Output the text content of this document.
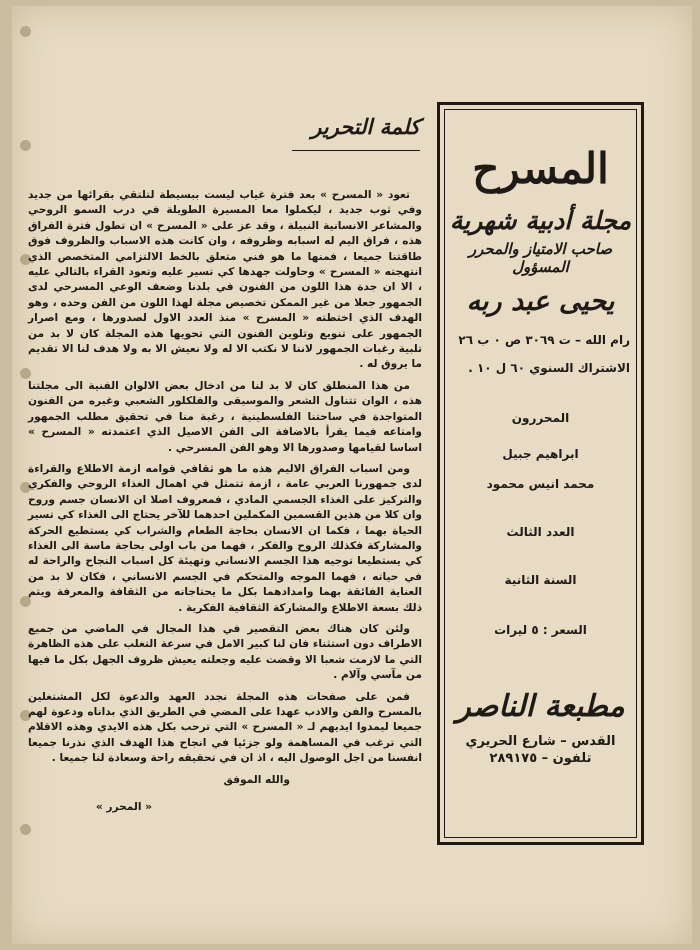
كلمة التحرير

تعود « المسرح » بعد فترة غياب ليست ببسيطة لتلتقي بقرائها من جديد وفي ثوب جديد ، ليكملوا معا المسيرة الطويلة في درب السمو الروحي والمشاعر الانسانية النبيلة ، وقد عز على « المسرح » ان تطول فترة الفراق هذه ، فراق اليم له اسبابه وظروفه ، وان كانت هذه الاسباب والظروف فوق طاقتنا جميعا ، فمنها ما هو فني متعلق بالخط الالتزامي المتخصص الذي انتهجته « المسرح » وحاولت جهدها كي تسير عليه وتعود القراء بالتالي عليه ، الا ان جدة هذا اللون من الفنون في بلدنا وضعف الوعي المسرحي لدى الجمهور جعلا من غير الممكن تخصيص مجلة لهذا اللون من الفن وحده ، وهو الهدف الذي اختطته « المسرح » منذ العدد الاول لصدورها ، ومع اصرار الجمهور على تنويع وتلوين الفنون التي تحويها هذه المجلة كان لا بد من تلبية رغبات الجمهور لاننا لا نكتب الا له ولا نعيش الا به ولا هدف لنا الا تقديم ما يروق له .

من هذا المنطلق كان لا بد لنا من ادخال بعض الالوان الفنية الى مجلتنا هذه ، الوان تتناول الشعر والموسيقى والفلكلور الشعبي وغيره من الفنون المتواجدة في ساحتنا الفلسطينية ، رغبة منا في تحقيق مطلب الجمهور وامتاعه فيما يقرأ بالاضافة الى الفن الاصيل الذي اعتمدته « المسرح » اساسا لقيامها وصدورها الا وهو الفن المسرحي .

ومن اسباب الفراق الاليم هذه ما هو ثقافي قوامه ازمة الاطلاع والقراءة لدى جمهورنا العربي عامة ، ازمة تتمثل في اهمال الغذاء الروحي والفكري والتركيز على الغذاء الجسمي المادي ، فمعروف اصلا ان الانسان جسم وروح وان كلا من هذين القسمين المكملين احدهما للآخر يحتاج الى الغذاء كي تسير الحياة بهما ، فكما ان الانسان بحاجة الطعام والشراب كي يستطيع الحركة والمشاركة فكذلك الروح والفكر ، فهما من باب اولى بحاجة ماسة الى الغذاء كي يستطيعا توجيه هذا الجسم الانساني وتهيئة كل اسباب النجاح والراحة له في حياته ، فهما الموجه والمتحكم في الجسم الانساني ، فكان لا بد من العناية الفائقة بهما وامدادهما بكل ما يحتاجانه من الثقافة والمعرفة ويتم ذلك بسعة الاطلاع والمشاركة الثقافية الفكرية .

ولئن كان هناك بعض التقصير في هذا المجال في الماضي من جميع الاطراف دون استثناء فان لنا كبير الامل في سرعة التغلب على هذه الظاهرة التي ما لازمت شعبا الا وقضت عليه وجعلته يعيش ظروف الجهل بكل ما فيها من مآسي وآلام .

فمن على صفحات هذه المجلة نجدد العهد والدعوة لكل المشتغلين بالمسرح والفن والادب عهدا على المضي في الطريق الذي بداناه ودعوة لهم جميعا ليمدوا ايديهم لـ « المسرح » التي ترحب بكل هذه الايدي وهذه الاقلام التي ترغب في المساهمة ولو جزئيا في انجاح هذا الهدف الذي نذرنا جميعا انفسنا من اجل الوصول اليه ، اذ ان في تحقيقه راحة وسعادة لنا جميعا .

والله الموفق
« المحرر »
المسرح
مجلة أدبية شهرية
صاحب الامتياز والمحرر المسؤول
يحيى عبد ربه
رام الله – ت ٣٠٦٩ ص ٠ ب ٢٦
الاشتراك السنوي ٦٠ ل ١٠ .
المحررون
ابراهيم جبيل
محمد انيس محمود
العدد الثالث
السنة الثانية
السعر : ٥ ليرات
مطبعة الناصر
القدس – شارع الحريري
تلفون – ٢٨٩١٧٥
